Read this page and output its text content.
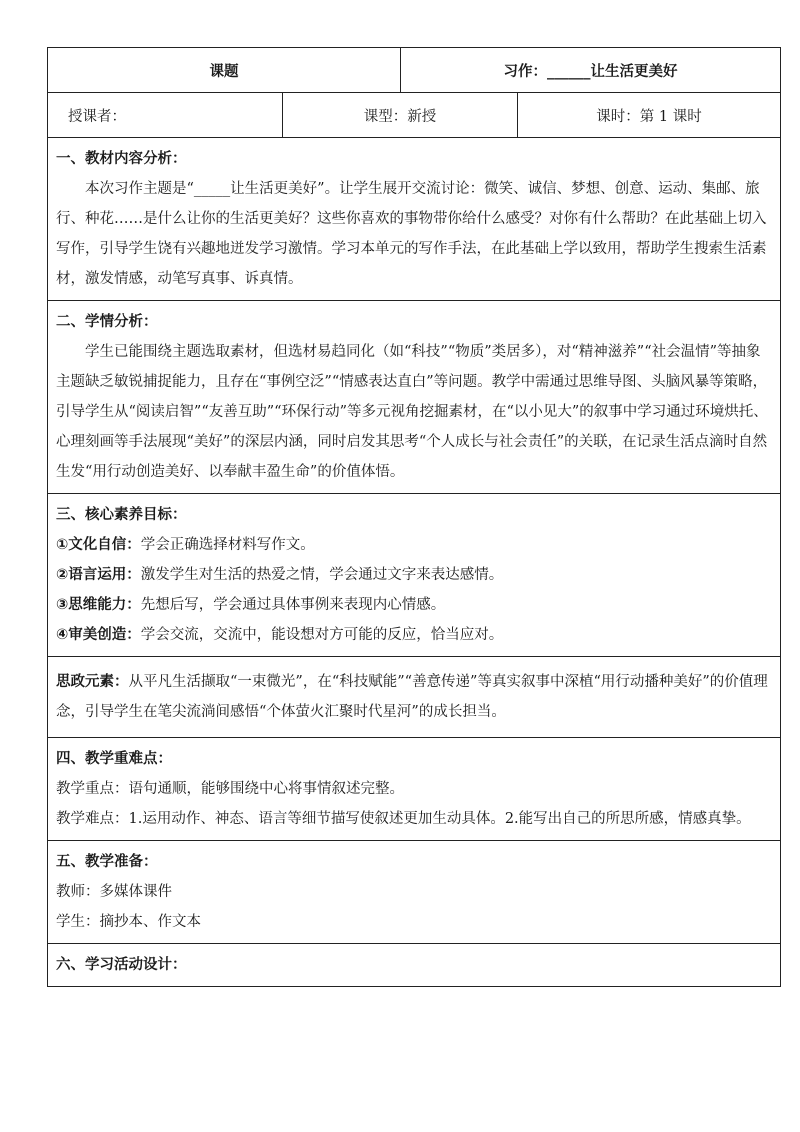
课题		习作：______让生活更美好	
授课者：	课型：新授		课时：第 1 课时

一、教材内容分析：

本次习作主题是“_____让生活更美好”。让学生展开交流讨论：微笑、诚信、梦想、创意、运动、集邮、旅行、种花……是什么让你的生活更美好？这些你喜欢的事物带你给什么感受？对你有什么帮助？在此基础上切入写作，引导学生饶有兴趣地迸发学习激情。学习本单元的写作手法，在此基础上学以致用，帮助学生搜索生活素材，激发情感，动笔写真事、诉真情。			

二、学情分析：

学生已能围绕主题选取素材，但选材易趋同化（如“科技”“物质”类居多），对“精神滋养”“社会温情”等抽象主题缺乏敏锐捕捉能力，且存在“事例空泛”“情感表达直白”等问题。教学中需通过思维导图、头脑风暴等策略，引导学生从“阅读启智”“友善互助”“环保行动”等多元视角挖掘素材，在“以小见大”的叙事中学习通过环境烘托、心理刻画等手法展现“美好”的深层内涵，同时启发其思考“个人成长与社会责任”的关联，在记录生活点滴时自然生发“用行动创造美好、以奉献丰盈生命”的价值体悟。			

三、核心素养目标：

①文化自信：学会正确选择材料写作文。

②语言运用：激发学生对生活的热爱之情，学会通过文字来表达感情。

③思维能力：先想后写，学会通过具体事例来表现内心情感。

④审美创造：学会交流，交流中，能设想对方可能的反应，恰当应对。			

思政元素：从平凡生活撷取“一束微光”，在“科技赋能”“善意传递”等真实叙事中深植“用行动播种美好”的价值理念，引导学生在笔尖流淌间感悟“个体萤火汇聚时代星河”的成长担当。			

四、教学重难点：

教学重点：语句通顺，能够围绕中心将事情叙述完整。

教学难点：1.运用动作、神态、语言等细节描写使叙述更加生动具体。2.能写出自己的所思所感，情感真挚。			

五、教学准备：

教师：多媒体课件

学生：摘抄本、作文本			

六、学习活动设计：			
